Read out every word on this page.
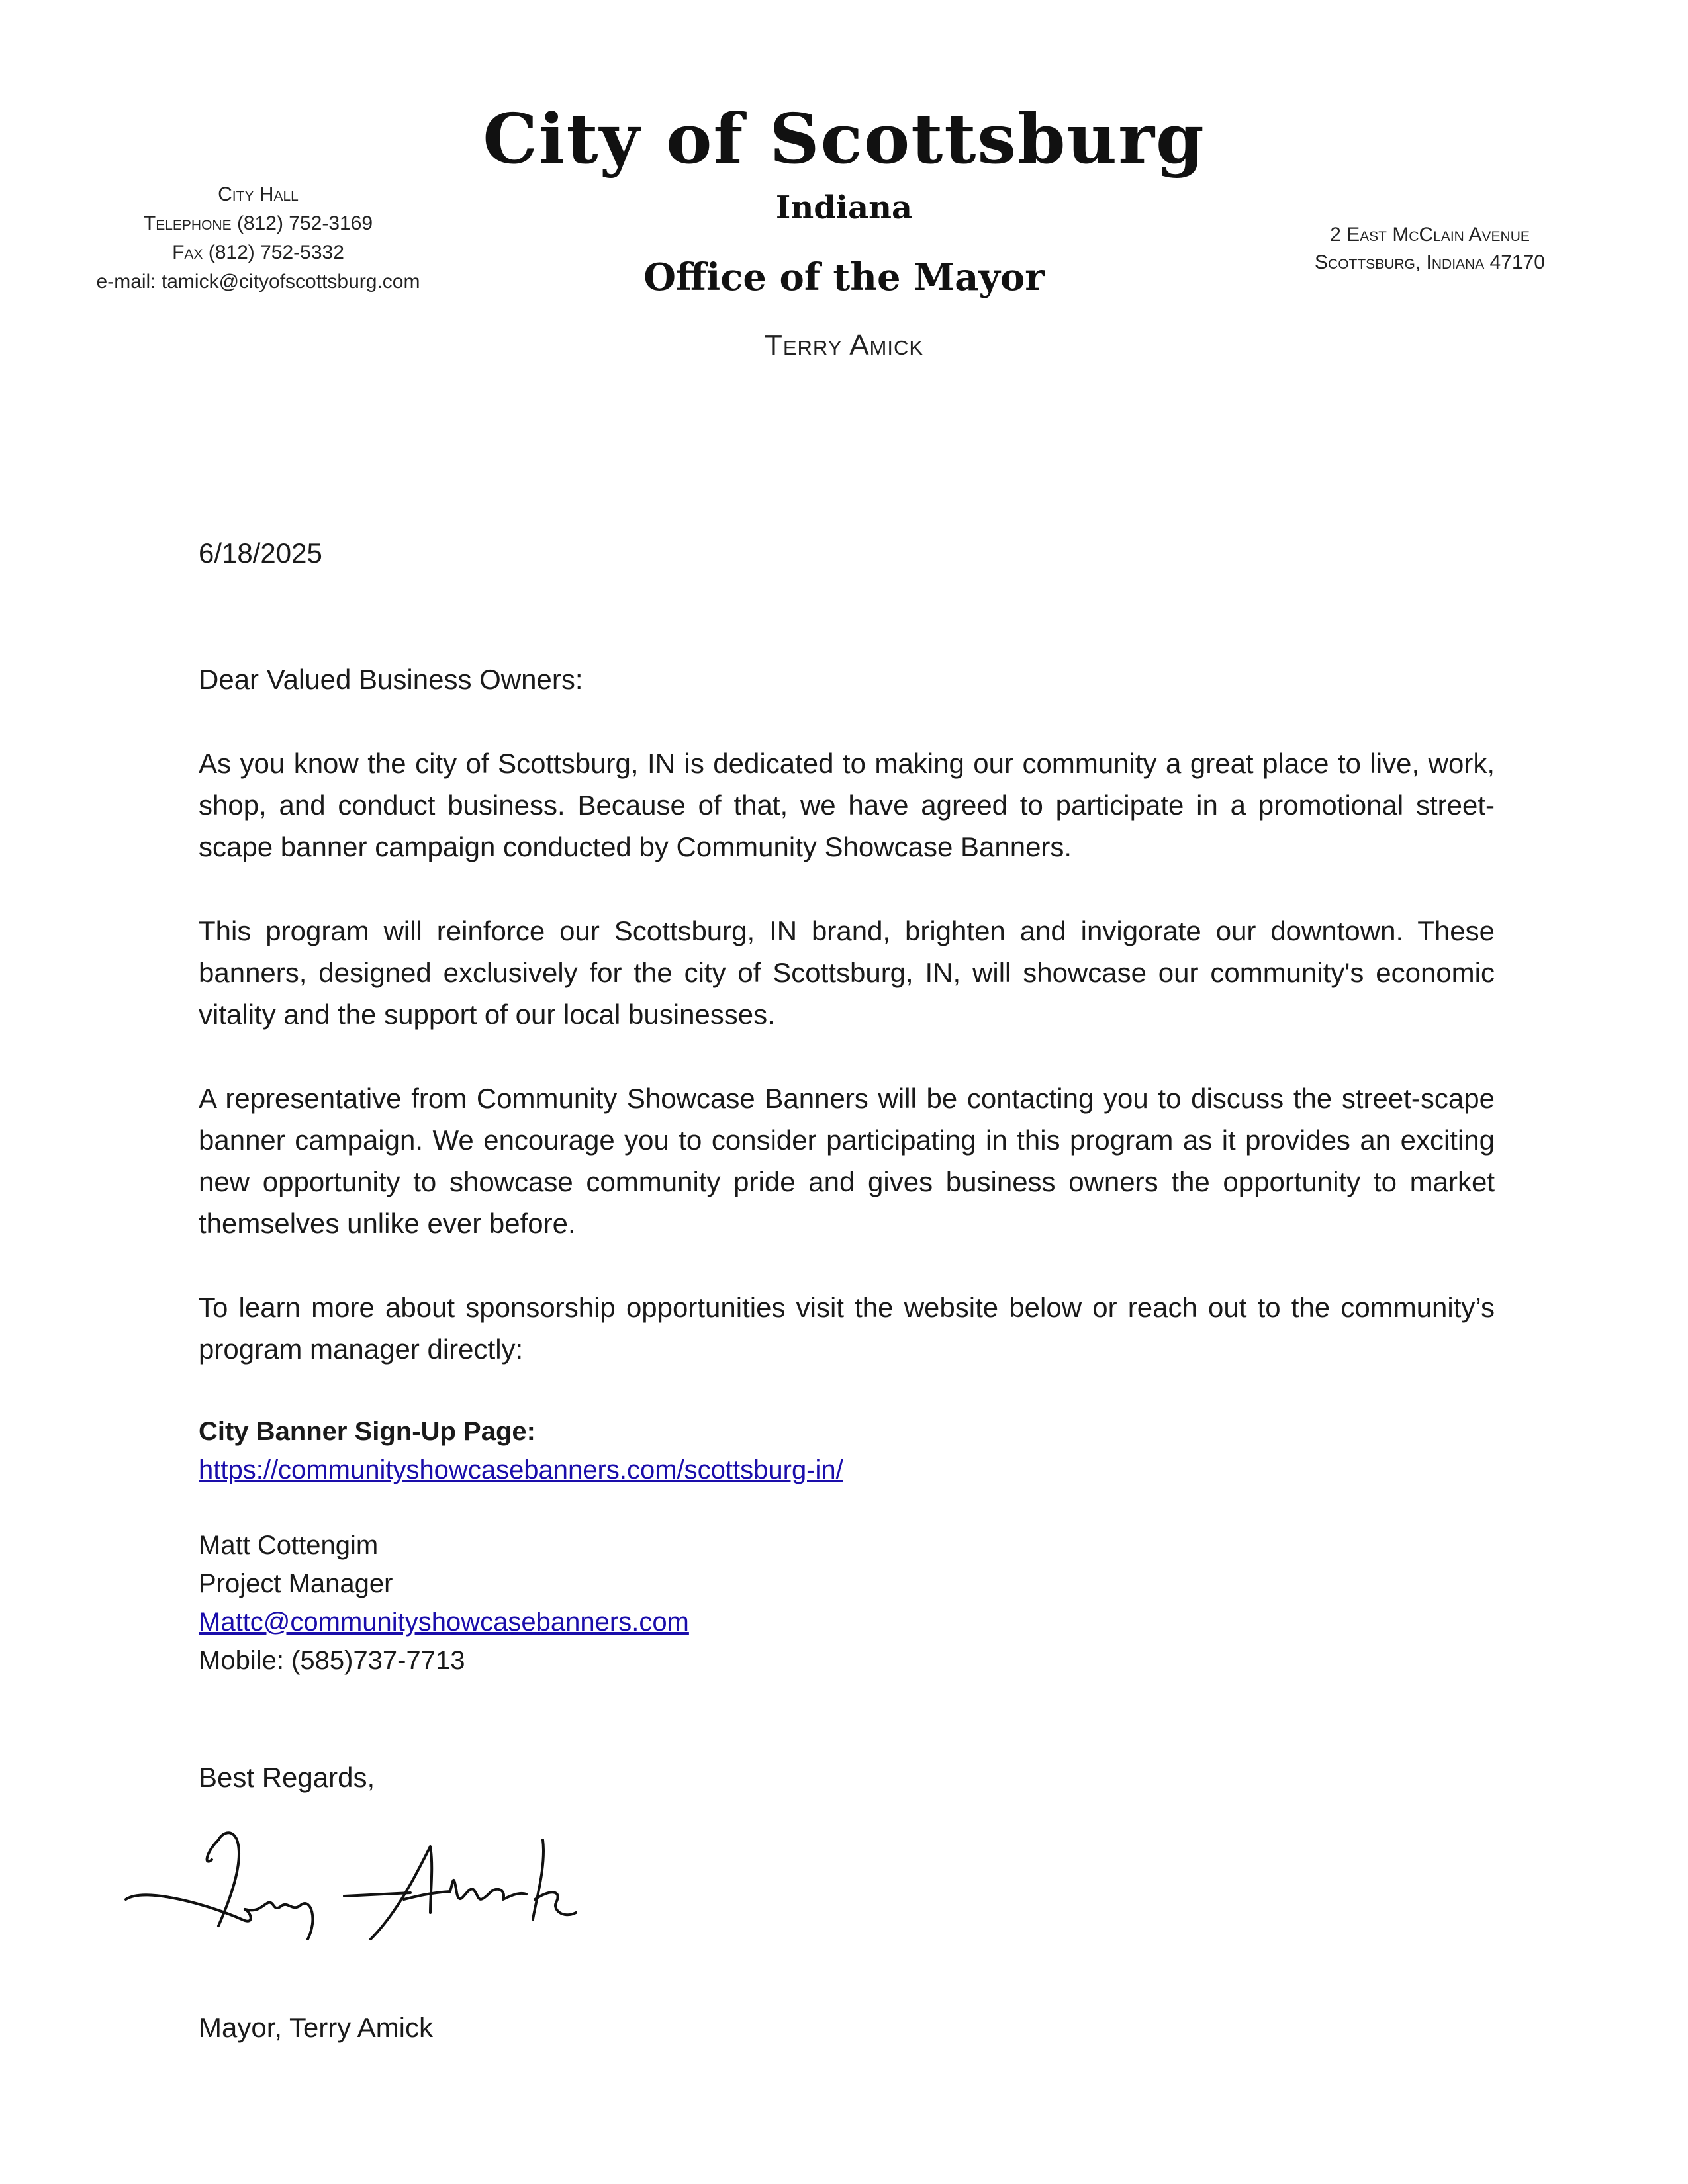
City Hall
Telephone (812) 752-3169
Fax (812) 752-5332
e-mail: tamick@cityofscottsburg.com
City of Scottsburg
Indiana
Office of the Mayor
Terry Amick
2 East McClain Avenue
Scottsburg, Indiana 47170

6/18/2025

Dear Valued Business Owners:

As you know the city of Scottsburg, IN is dedicated to making our community a great place to live, work, shop, and conduct business. Because of that, we have agreed to participate in a promotional street-scape banner campaign conducted by Community Showcase Banners.

This program will reinforce our Scottsburg, IN brand, brighten and invigorate our downtown. These banners, designed exclusively for the city of Scottsburg, IN, will showcase our community's economic vitality and the support of our local businesses.

A representative from Community Showcase Banners will be contacting you to discuss the street-scape banner campaign. We encourage you to consider participating in this program as it provides an exciting new opportunity to showcase community pride and gives business owners the opportunity to market themselves unlike ever before.

To learn more about sponsorship opportunities visit the website below or reach out to the community’s program manager directly:

City Banner Sign-Up Page:
https://communityshowcasebanners.com/scottsburg-in/
Matt Cottengim
Project Manager
Mattc@communityshowcasebanners.com
Mobile: (585)737-7713
Best Regards,
Mayor, Terry Amick
